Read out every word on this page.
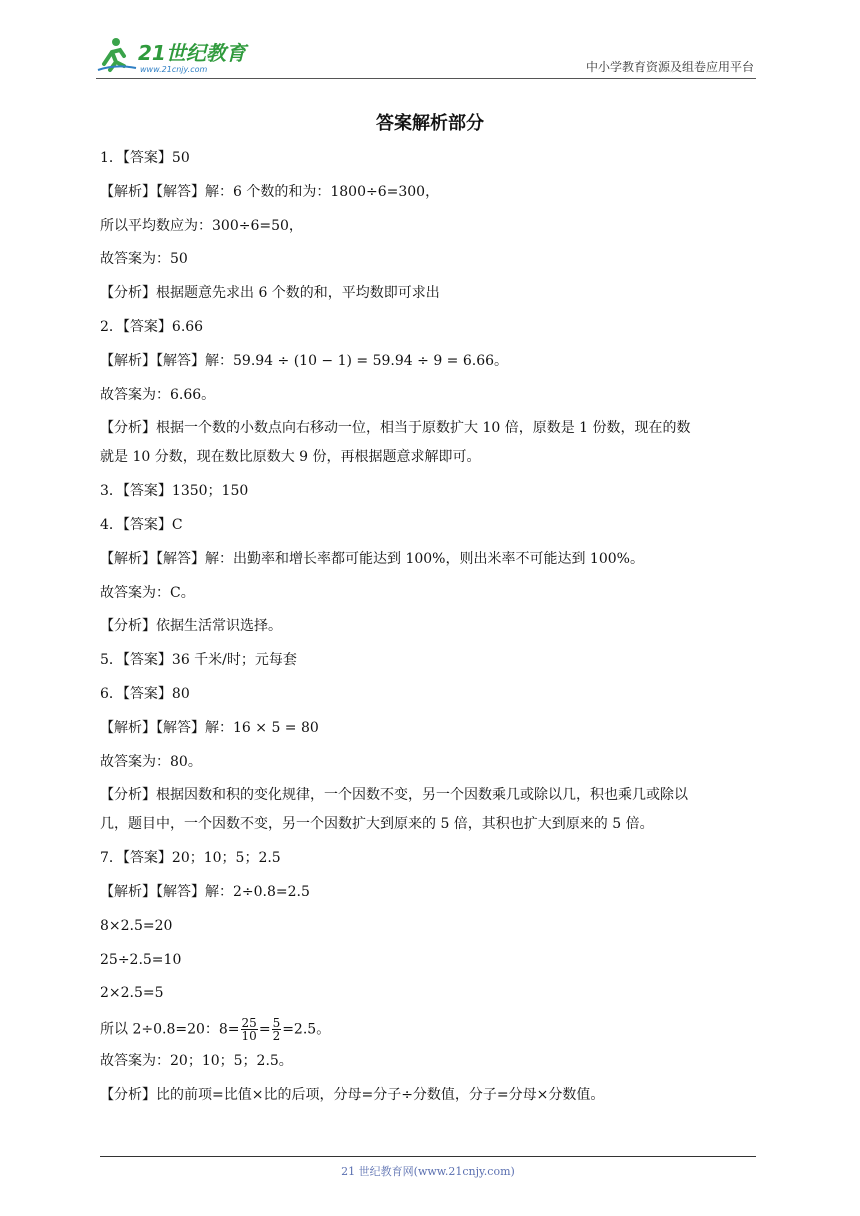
21世纪教育
www.21cnjy.com	中小学教育资源及组卷应用平台
答案解析部分
1．【答案】50
【解析】【解答】解：6 个数的和为：1800÷6=300，
所以平均数应为：300÷6=50，
故答案为：50
【分析】根据题意先求出 6 个数的和，平均数即可求出
2．【答案】6.66
【解析】【解答】解：59.94 ÷ (10 − 1) = 59.94 ÷ 9 = 6.66。
故答案为：6.66。
【分析】根据一个数的小数点向右移动一位，相当于原数扩大 10 倍，原数是 1 份数，现在的数
就是 10 分数，现在数比原数大 9 份，再根据题意求解即可。
3．【答案】1350；150
4．【答案】C
【解析】【解答】解：出勤率和增长率都可能达到 100%，则出米率不可能达到 100%。
故答案为：C。
【分析】依据生活常识选择。
5．【答案】36 千米/时；元每套
6．【答案】80
【解析】【解答】解：16 × 5 = 80
故答案为：80。
【分析】根据因数和积的变化规律，一个因数不变，另一个因数乘几或除以几，积也乘几或除以
几，题目中，一个因数不变，另一个因数扩大到原来的 5 倍，其积也扩大到原来的 5 倍。
7．【答案】20；10；5；2.5
【解析】【解答】解：2÷0.8=2.5
8×2.5=20
25÷2.5=10
2×2.5=5
所以 2÷0.8=20：$8= \frac{25}{10} = \frac{5}{2} =2.5$。
故答案为：20；10；5；2.5。
【分析】比的前项=比值×比的后项，分母=分子÷分数值，分子=分母×分数值。
21 世纪教育网(www.21cnjy.com)
